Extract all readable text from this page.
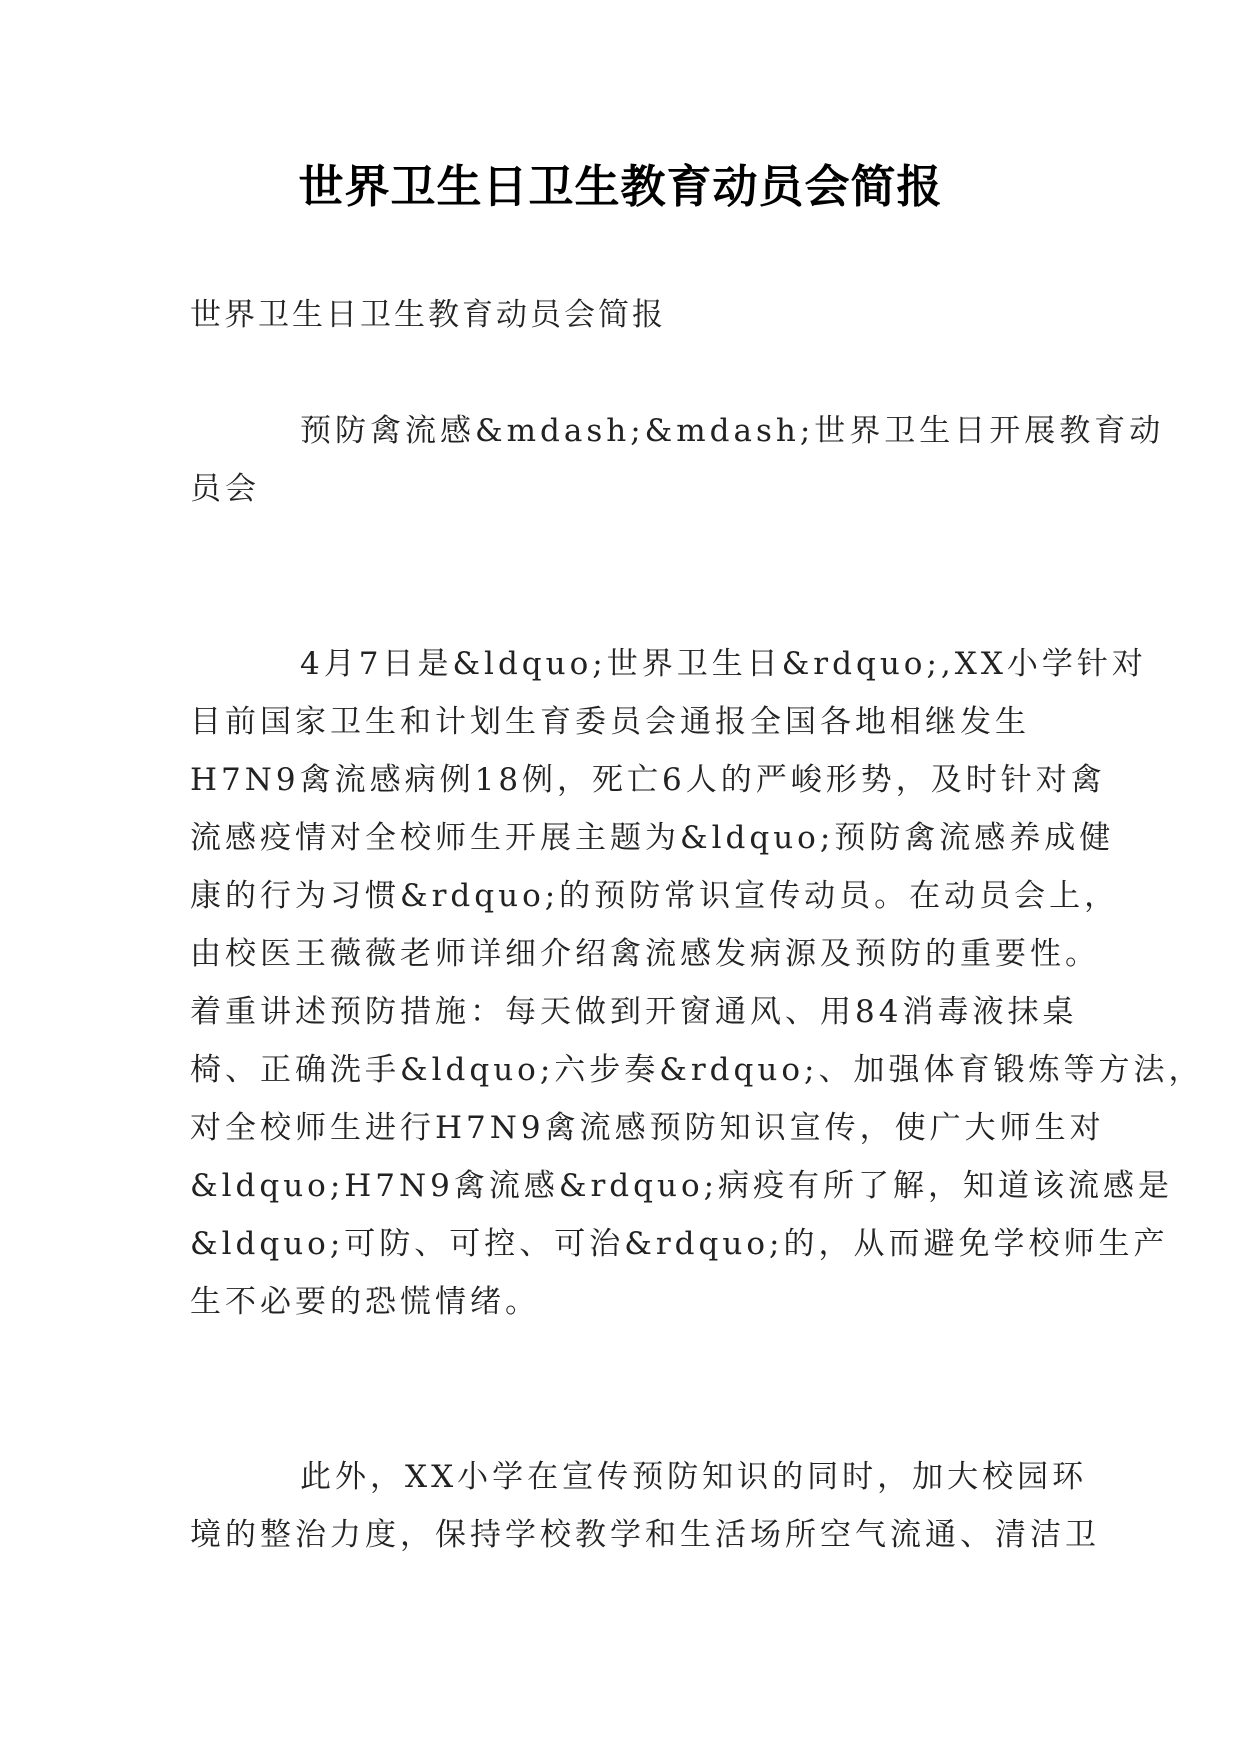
世界卫生日卫生教育动员会简报

世界卫生日卫生教育动员会简报

预防禽流感&mdash;&mdash;世界卫生日开展教育动
员会

4月7日是&ldquo;世界卫生日&rdquo;,XX小学针对
目前国家卫生和计划生育委员会通报全国各地相继发生
H7N9禽流感病例18例，死亡6人的严峻形势，及时针对禽
流感疫情对全校师生开展主题为&ldquo;预防禽流感养成健
康的行为习惯&rdquo;的预防常识宣传动员。在动员会上，
由校医王薇薇老师详细介绍禽流感发病源及预防的重要性。
着重讲述预防措施：每天做到开窗通风、用84消毒液抹桌
椅、正确洗手&ldquo;六步奏&rdquo;、加强体育锻炼等方法，
对全校师生进行H7N9禽流感预防知识宣传，使广大师生对
&ldquo;H7N9禽流感&rdquo;病疫有所了解，知道该流感是
&ldquo;可防、可控、可治&rdquo;的，从而避免学校师生产
生不必要的恐慌情绪。

此外，XX小学在宣传预防知识的同时，加大校园环
境的整治力度，保持学校教学和生活场所空气流通、清洁卫
